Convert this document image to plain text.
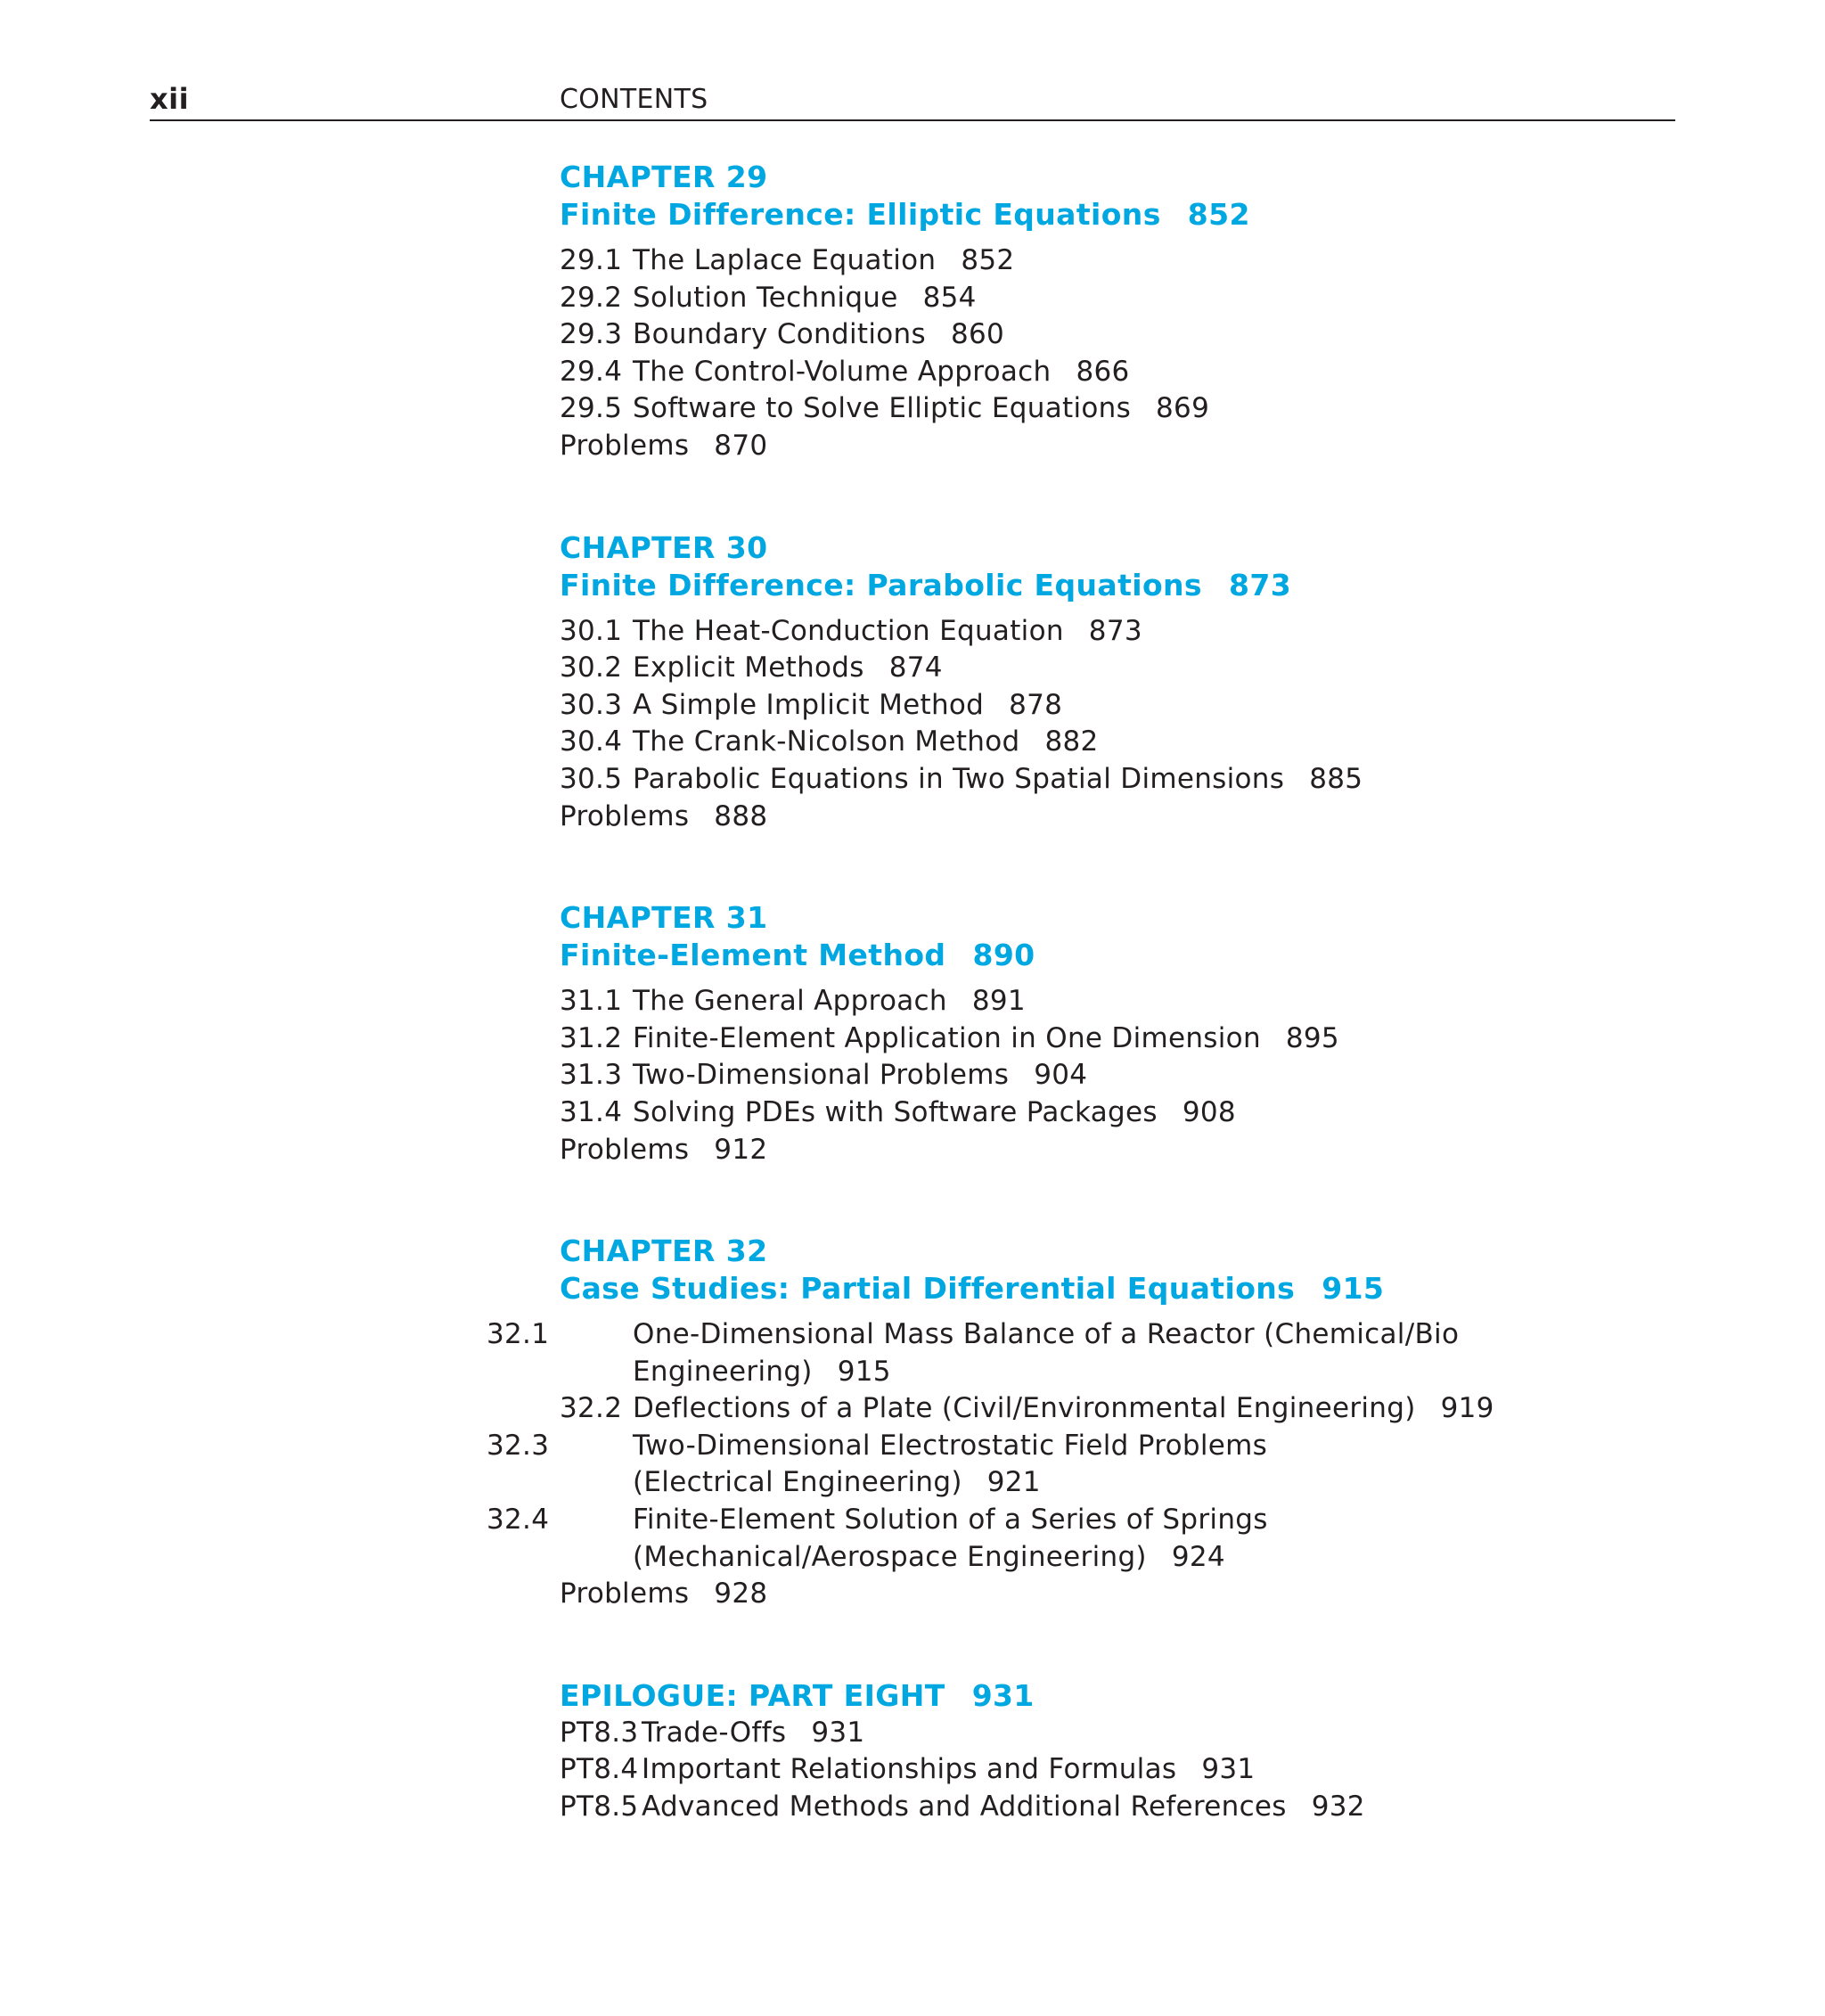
xii	CONTENTS
CHAPTER 29
Finite Difference: Elliptic Equations 852
29.1 The Laplace Equation 852
29.2 Solution Technique 854
29.3 Boundary Conditions 860
29.4 The Control-Volume Approach 866
29.5 Software to Solve Elliptic Equations 869
Problems 870
CHAPTER 30
Finite Difference: Parabolic Equations 873
30.1 The Heat-Conduction Equation 873
30.2 Explicit Methods 874
30.3 A Simple Implicit Method 878
30.4 The Crank-Nicolson Method 882
30.5 Parabolic Equations in Two Spatial Dimensions 885
Problems 888
CHAPTER 31
Finite-Element Method 890
31.1 The General Approach 891
31.2 Finite-Element Application in One Dimension 895
31.3 Two-Dimensional Problems 904
31.4 Solving PDEs with Software Packages 908
Problems 912
CHAPTER 32
Case Studies: Partial Differential Equations 915
32.1	One-Dimensional Mass Balance of a Reactor (Chemical/Bio Engineering) 915
32.2 Deflections of a Plate (Civil/Environmental Engineering) 919
32.3	Two-Dimensional Electrostatic Field Problems (Electrical Engineering) 921
32.4	Finite-Element Solution of a Series of Springs (Mechanical/Aerospace Engineering) 924
Problems 928
EPILOGUE: PART EIGHT 931
PT8.3 Trade-Offs 931
PT8.4 Important Relationships and Formulas 931
PT8.5 Advanced Methods and Additional References 932
